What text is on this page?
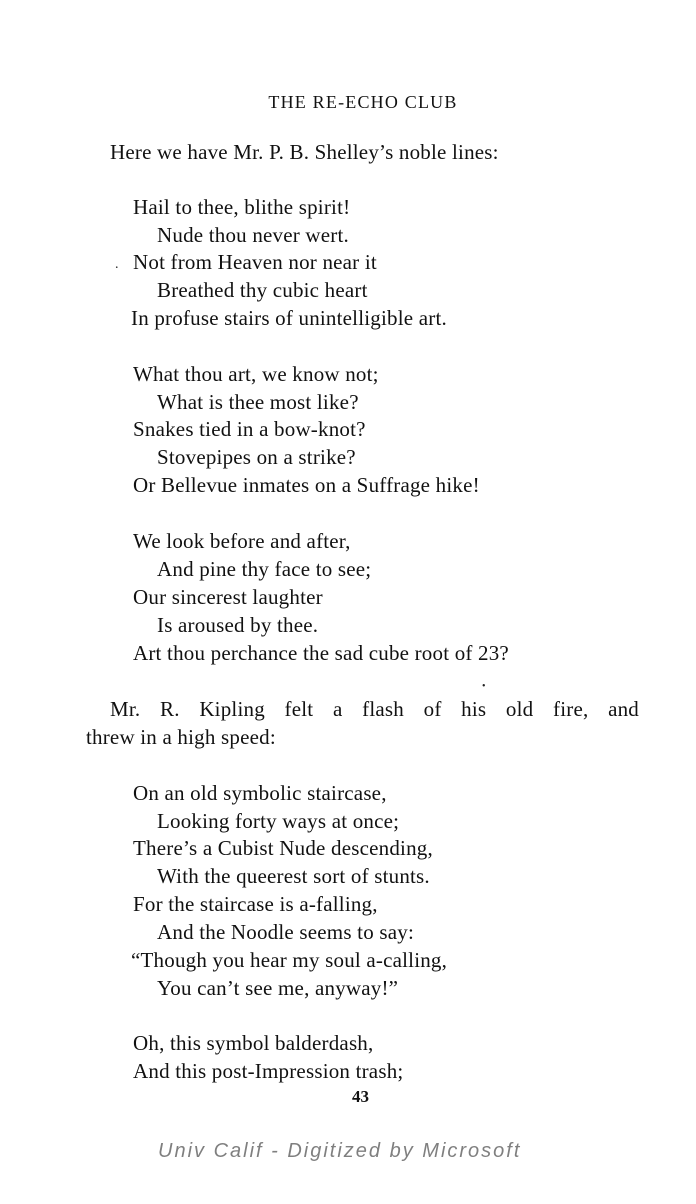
THE RE-ECHO CLUB
Here we have Mr. P. B. Shelley’s noble lines:
Hail to thee, blithe spirit!
Nude thou never wert.
. Not from Heaven nor near it
Breathed thy cubic heart
In profuse stairs of unintelligible art.
What thou art, we know not;
What is thee most like?
Snakes tied in a bow-knot?
Stovepipes on a strike?
Or Bellevue inmates on a Suffrage hike!
We look before and after,
And pine thy face to see;
Our sincerest laughter
Is aroused by thee.
Art thou perchance the sad cube root of 23?
•
Mr. R. Kipling felt a flash of his old fire, and
threw in a high speed:
On an old symbolic staircase,
Looking forty ways at once;
There’s a Cubist Nude descending,
With the queerest sort of stunts.
For the staircase is a-falling,
And the Noodle seems to say:
“Though you hear my soul a-calling,
You can’t see me, anyway!”
Oh, this symbol balderdash,
And this post-Impression trash;
43
Univ Calif - Digitized by Microsoft
